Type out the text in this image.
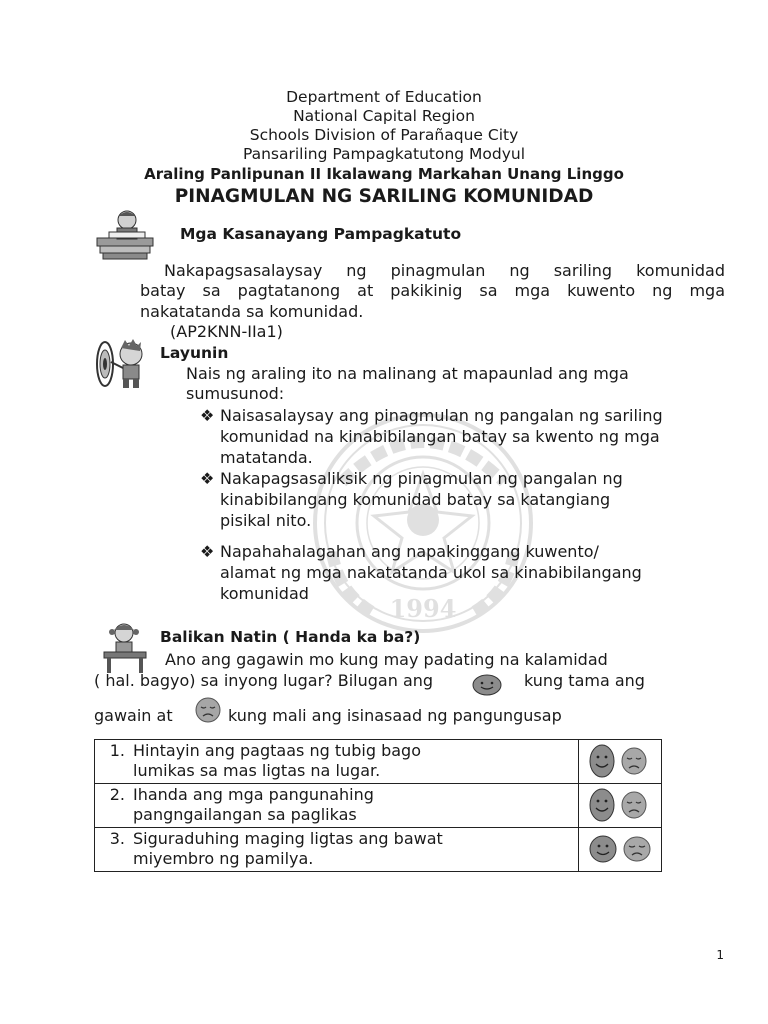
1994
Department of Education
National Capital Region
Schools Division of Parañaque City
Pansariling Pampagkatutong Modyul
Araling Panlipunan II Ikalawang Markahan Unang Linggo
PINAGMULAN NG SARILING KOMUNIDAD
Mga Kasanayang Pampagkatuto
Nakapagsasalaysay ng pinagmulan ng sariling komunidad
batay sa pagtatanong at pakikinig sa mga kuwento ng mga
nakatatanda sa komunidad.
(AP2KNN-IIa1)
Layunin
Nais ng araling ito na malinang at mapaunlad ang mga
sumusunod:
❖ Naisasalaysay ang pinagmulan ng pangalan ng sariling
komunidad na kinabibilangan batay sa kwento ng mga
matatanda.
❖ Nakapagsasaliksik ng pinagmulan ng pangalan ng
kinabibilangang komunidad batay sa katangiang
pisikal nito.
❖ Napahahalagahan ang napakinggang kuwento/
alamat ng mga nakatatanda ukol sa kinabibilangang
komunidad
Balikan Natin ( Handa ka ba?)
Ano ang gagawin mo kung may padating na kalamidad
( hal. bagyo) sa inyong lugar? Bilugan ang	kung tama ang
gawain at	kung mali ang isinasaad ng pangungusap
1. Hintayin ang pagtaas ng tubig bago
lumikas sa mas ligtas na lugar.

2. Ihanda ang mga pangunahing
pangngailangan sa paglikas

3. Siguraduhing maging ligtas ang bawat
miyembro ng pamilya.

1
